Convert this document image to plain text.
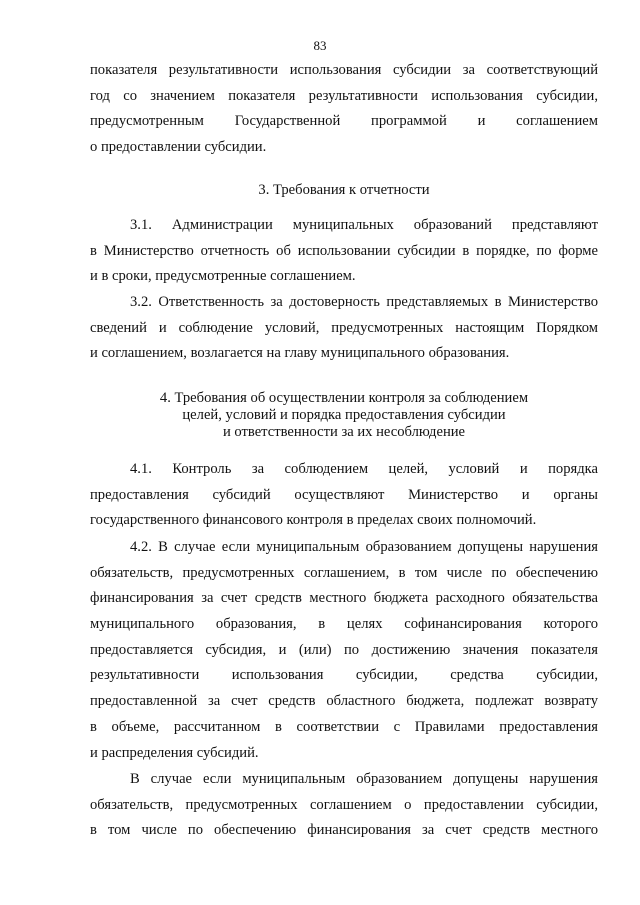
83
показателя результативности использования субсидии за соответствующий
год со значением показателя результативности использования субсидии,
предусмотренным Государственной программой и соглашением
о предоставлении субсидии.
3. Требования к отчетности
3.1. Администрации муниципальных образований представляют
в Министерство отчетность об использовании субсидии в порядке, по форме
и в сроки, предусмотренные соглашением.
3.2. Ответственность за достоверность представляемых в Министерство
сведений и соблюдение условий, предусмотренных настоящим Порядком
и соглашением, возлагается на главу муниципального образования.
4. Требования об осуществлении контроля за соблюдением
целей, условий и порядка предоставления субсидии
и ответственности за их несоблюдение
4.1. Контроль за соблюдением целей, условий и порядка
предоставления субсидий осуществляют Министерство и органы
государственного финансового контроля в пределах своих полномочий.
4.2. В случае если муниципальным образованием допущены нарушения
обязательств, предусмотренных соглашением, в том числе по обеспечению
финансирования за счет средств местного бюджета расходного обязательства
муниципального образования, в целях софинансирования которого
предоставляется субсидия, и (или) по достижению значения показателя
результативности использования субсидии, средства субсидии,
предоставленной за счет средств областного бюджета, подлежат возврату
в объеме, рассчитанном в соответствии с Правилами предоставления
и распределения субсидий.
В случае если муниципальным образованием допущены нарушения
обязательств, предусмотренных соглашением о предоставлении субсидии,
в том числе по обеспечению финансирования за счет средств местного
